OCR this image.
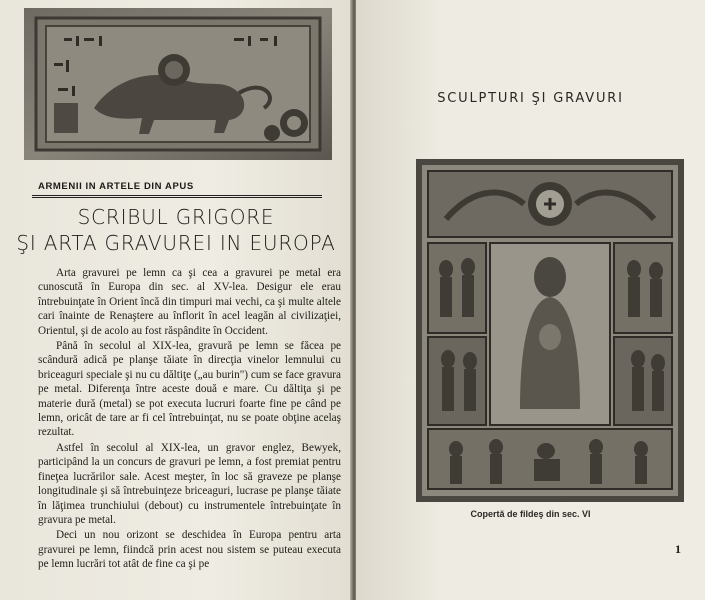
ARMENII IN ARTELE DIN APUS
SCRIBUL GRIGORE
ŞI ARTA GRAVUREI IN EUROPA

Arta gravurei pe lemn ca şi cea a gravurei pe metal era cunoscută în Europa din sec. al XV-lea. Desigur ele erau întrebuinţate în Orient încă din timpuri mai vechi, ca şi multe altele cari înainte de Renaştere au înflorit în acel leagăn al civilizaţiei, Orientul, şi de acolo au fost răspândite în Occident.

Până în secolul al XIX-lea, gravură pe lemn se făcea pe scândură adică pe planşe tăiate în direcţia vinelor lemnului cu briceaguri speciale şi nu cu dăltiţe („au burin") cum se face gravura pe metal. Diferenţa între aceste două e mare. Cu dăltiţa şi pe materie dură (metal) se pot executa lucruri foarte fine pe când pe lemn, oricât de tare ar fi cel întrebuinţat, nu se poate obţine acelaş rezultat.

Astfel în secolul al XIX-lea, un gravor englez, Bewyek, participând la un concurs de gravuri pe lemn, a fost premiat pentru fineţea lucrărilor sale. Acest meşter, în loc să graveze pe planşe longitudinale şi să întrebuinţeze briceaguri, lucrase pe planşe tăiate în lăţimea trunchiului (debout) cu instrumentele întrebuinţate în gravura pe metal.

Deci un nou orizont se deschidea în Europa pentru arta gravurei pe lemn, fiindcă prin acest nou sistem se puteau executa pe lemn lucrări tot atât de fine ca şi pe

SCULPTURI ŞI GRAVURI
Copertă de fildeş din sec. VI
1
